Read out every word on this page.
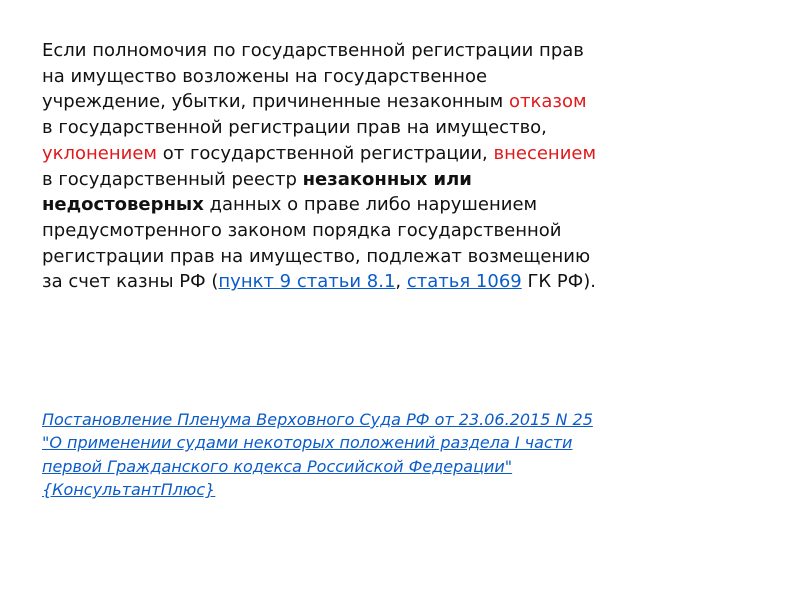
Если полномочия по государственной регистрации прав на имущество возложены на государственное учреждение, убытки, причиненные незаконным отказом в государственной регистрации прав на имущество, уклонением от государственной регистрации, внесением в государственный реестр незаконных или недостоверных данных о праве либо нарушением предусмотренного законом порядка государственной регистрации прав на имущество, подлежат возмещению за счет казны РФ (пункт 9 статьи 8.1, статья 1069 ГК РФ).

Постановление Пленума Верховного Суда РФ от 23.06.2015 N 25 "О применении судами некоторых положений раздела I части первой Гражданского кодекса Российской Федерации" {КонсультантПлюс}
